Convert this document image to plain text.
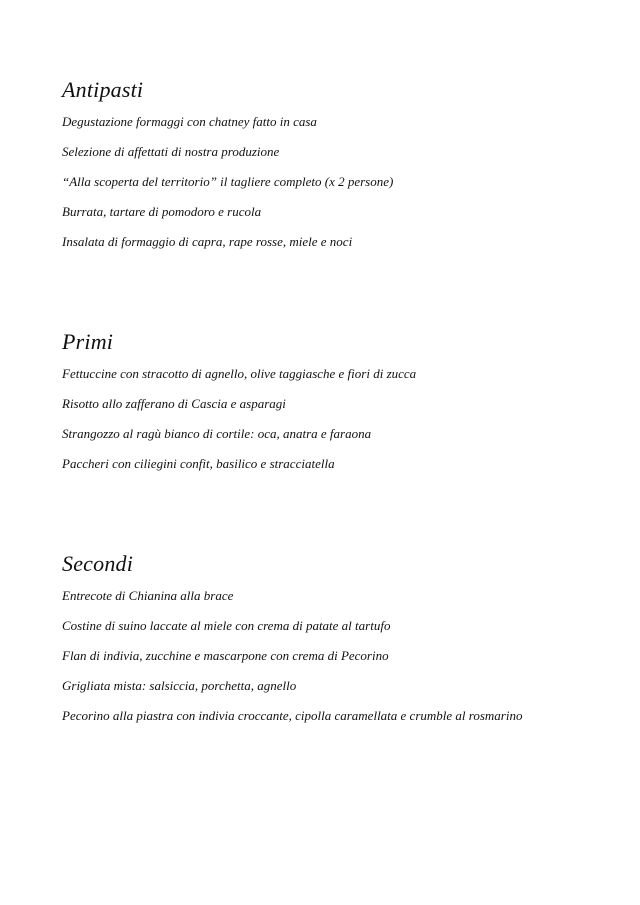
Antipasti
Degustazione formaggi con chatney fatto in casa
Selezione di affettati di nostra produzione
“Alla scoperta del territorio” il tagliere completo (x 2 persone)
Burrata, tartare di pomodoro e rucola
Insalata di formaggio di capra, rape rosse, miele e noci
Primi
Fettuccine con stracotto di agnello, olive taggiasche e fiori di zucca
Risotto allo zafferano di Cascia e asparagi
Strangozzo al ragù bianco di cortile: oca, anatra e faraona
Paccheri con ciliegini confit, basilico e stracciatella
Secondi
Entrecote di Chianina alla brace
Costine di suino laccate al miele con crema di patate al tartufo
Flan di indivia, zucchine e mascarpone con crema di Pecorino
Grigliata mista: salsiccia, porchetta, agnello
Pecorino alla piastra con indivia croccante, cipolla caramellata e crumble al rosmarino
